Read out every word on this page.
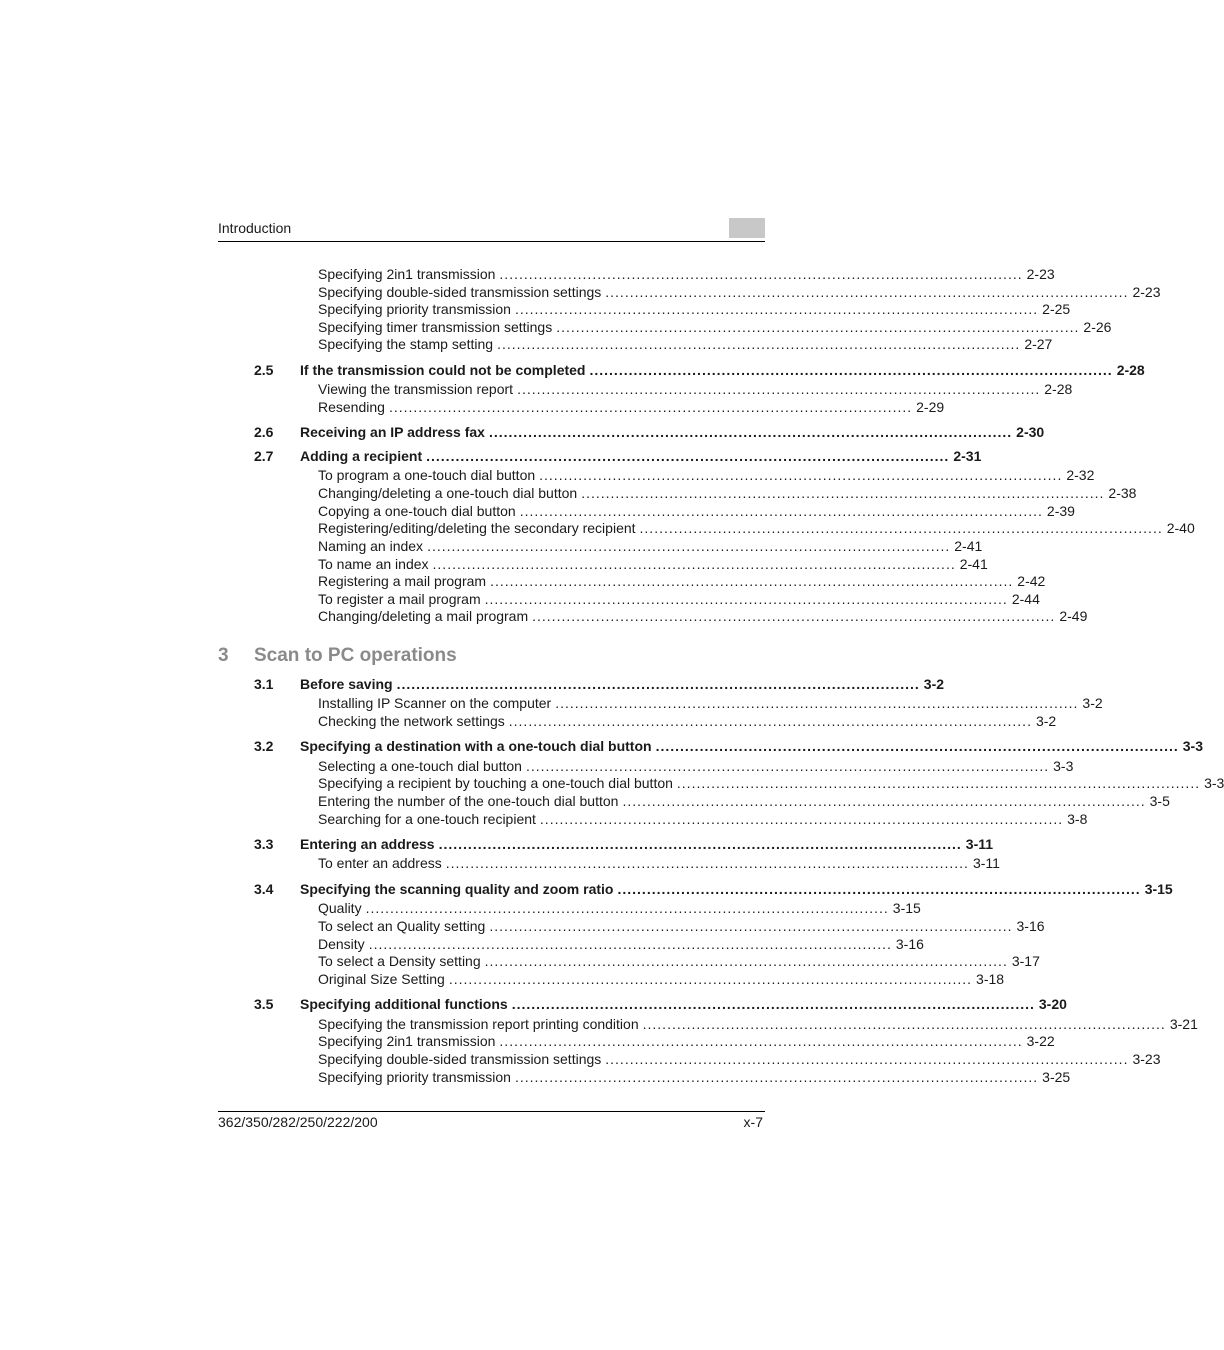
Introduction
Specifying 2in1 transmission ........................................................................................................... 2-23
Specifying double-sided transmission settings ........................................................................................................... 2-23
Specifying priority transmission ........................................................................................................... 2-25
Specifying timer transmission settings ........................................................................................................... 2-26
Specifying the stamp setting ........................................................................................................... 2-27
2.5 If the transmission could not be completed ........................................................................................................... 2-28
Viewing the transmission report ........................................................................................................... 2-28
Resending ........................................................................................................... 2-29
2.6 Receiving an IP address fax ........................................................................................................... 2-30
2.7 Adding a recipient ........................................................................................................... 2-31
To program a one-touch dial button ........................................................................................................... 2-32
Changing/deleting a one-touch dial button ........................................................................................................... 2-38
Copying a one-touch dial button ........................................................................................................... 2-39
Registering/editing/deleting the secondary recipient ........................................................................................................... 2-40
Naming an index ........................................................................................................... 2-41
To name an index ........................................................................................................... 2-41
Registering a mail program ........................................................................................................... 2-42
To register a mail program ........................................................................................................... 2-44
Changing/deleting a mail program ........................................................................................................... 2-49
3 Scan to PC operations
3.1 Before saving ........................................................................................................... 3-2
Installing IP Scanner on the computer ........................................................................................................... 3-2
Checking the network settings ........................................................................................................... 3-2
3.2 Specifying a destination with a one-touch dial button ........................................................................................................... 3-3
Selecting a one-touch dial button ........................................................................................................... 3-3
Specifying a recipient by touching a one-touch dial button ........................................................................................................... 3-3
Entering the number of the one-touch dial button ........................................................................................................... 3-5
Searching for a one-touch recipient ........................................................................................................... 3-8
3.3 Entering an address ........................................................................................................... 3-11
To enter an address ........................................................................................................... 3-11
3.4 Specifying the scanning quality and zoom ratio ........................................................................................................... 3-15
Quality ........................................................................................................... 3-15
To select an Quality setting ........................................................................................................... 3-16
Density ........................................................................................................... 3-16
To select a Density setting ........................................................................................................... 3-17
Original Size Setting ........................................................................................................... 3-18
3.5 Specifying additional functions ........................................................................................................... 3-20
Specifying the transmission report printing condition ........................................................................................................... 3-21
Specifying 2in1 transmission ........................................................................................................... 3-22
Specifying double-sided transmission settings ........................................................................................................... 3-23
Specifying priority transmission ........................................................................................................... 3-25
362/350/282/250/222/200	x-7
